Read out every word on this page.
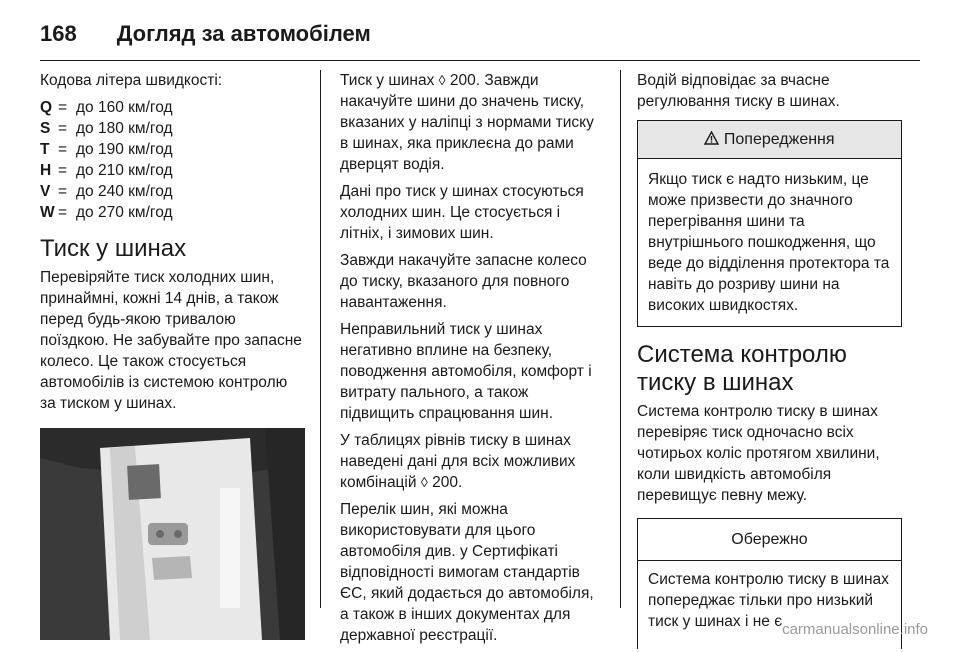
168 Догляд за автомобілем

Кодова літера швидкості:

Q = до 160 км/год
S = до 180 км/год
T = до 190 км/год
H = до 210 км/год
V = до 240 км/год
W = до 270 км/год
Тиск у шинах

Перевіряйте тиск холодних шин, принаймні, кожні 14 днів, а також перед будь-якою тривалою поїздкою. Не забувайте про запасне колесо. Це також стосується автомобілів із системою контролю за тиском у шинах.

Тиск у шинах ◊ 200. Завжди накачуйте шини до значень тиску, вказаних у наліпці з нормами тиску в шинах, яка приклеєна до рами дверцят водія.

Дані про тиск у шинах стосуються холодних шин. Це стосується і літніх, і зимових шин.

Завжди накачуйте запасне колесо до тиску, вказаного для повного навантаження.

Неправильний тиск у шинах негативно вплине на безпеку, поводження автомобіля, комфорт і витрату пального, а також підвищить спрацювання шин.

У таблицях рівнів тиску в шинах наведені дані для всіх можливих комбінацій ◊ 200.

Перелік шин, які можна використовувати для цього автомобіля див. у Сертифікаті відповідності вимогам стандартів ЄС, який додається до автомобіля, а також в інших документах для державної реєстрації.

Водій відповідає за вчасне регулювання тиску в шинах.

Попередження
Якщо тиск є надто низьким, це може призвести до значного перегрівання шини та внутрішнього пошкодження, що веде до відділення протектора та навіть до розриву шини на високих швидкостях.
Система контролю тиску в шинах

Система контролю тиску в шинах перевіряє тиск одночасно всіх чотирьох коліс протягом хвилини, коли швидкість автомобіля перевищує певну межу.

Обережно
Система контролю тиску в шинах попереджає тільки про низький тиск у шинах і не є carmanualsonline.info
